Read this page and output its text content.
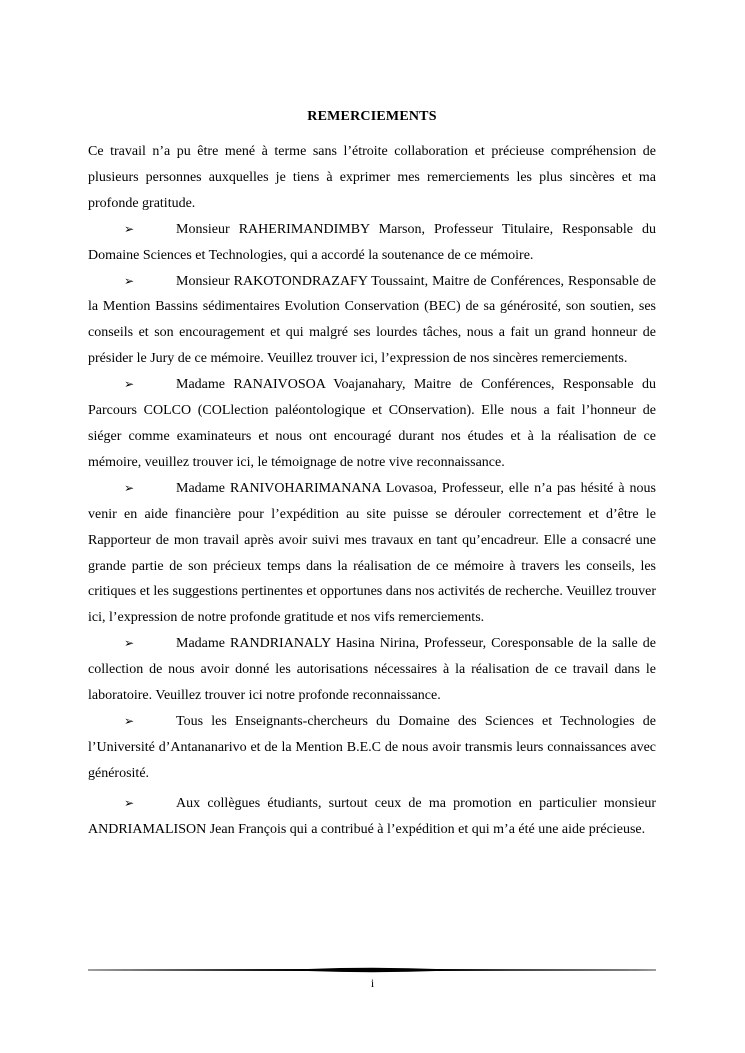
REMERCIEMENTS

Ce travail n’a pu être mené à terme sans l’étroite collaboration et précieuse compréhension de plusieurs personnes auxquelles je tiens à exprimer mes remerciements les plus sincères et ma profonde gratitude.

➢	Monsieur RAHERIMANDIMBY Marson, Professeur Titulaire, Responsable du Domaine Sciences et Technologies, qui a accordé la soutenance de ce mémoire.

➢	Monsieur RAKOTONDRAZAFY Toussaint, Maitre de Conférences, Responsable de la Mention Bassins sédimentaires Evolution Conservation (BEC) de sa générosité, son soutien, ses conseils et son encouragement et qui malgré ses lourdes tâches, nous a fait un grand honneur de présider le Jury de ce mémoire. Veuillez trouver ici, l’expression de nos sincères remerciements.

➢	Madame RANAIVOSOA Voajanahary, Maitre de Conférences, Responsable du Parcours COLCO (COLlection paléontologique et COnservation). Elle nous a fait l’honneur de siéger comme examinateurs et nous ont encouragé durant nos études et à la réalisation de ce mémoire, veuillez trouver ici, le témoignage de notre vive reconnaissance.

➢	Madame RANIVOHARIMANANA Lovasoa, Professeur, elle n’a pas hésité à nous venir en aide financière pour l’expédition au site puisse se dérouler correctement et d’être le Rapporteur de mon travail après avoir suivi mes travaux en tant qu’encadreur. Elle a consacré une grande partie de son précieux temps dans la réalisation de ce mémoire à travers les conseils, les critiques et les suggestions pertinentes et opportunes dans nos activités de recherche. Veuillez trouver ici, l’expression de notre profonde gratitude et nos vifs remerciements.

➢	Madame RANDRIANALY Hasina Nirina, Professeur, Coresponsable de la salle de collection de nous avoir donné les autorisations nécessaires à la réalisation de ce travail dans le laboratoire. Veuillez trouver ici notre profonde reconnaissance.

➢	Tous les Enseignants-chercheurs du Domaine des Sciences et Technologies de l’Université d’Antananarivo et de la Mention B.E.C de nous avoir transmis leurs connaissances avec générosité.

➢	Aux collègues étudiants, surtout ceux de ma promotion en particulier monsieur ANDRIAMALISON Jean François qui a contribué à l’expédition et qui m’a été une aide précieuse.

i
